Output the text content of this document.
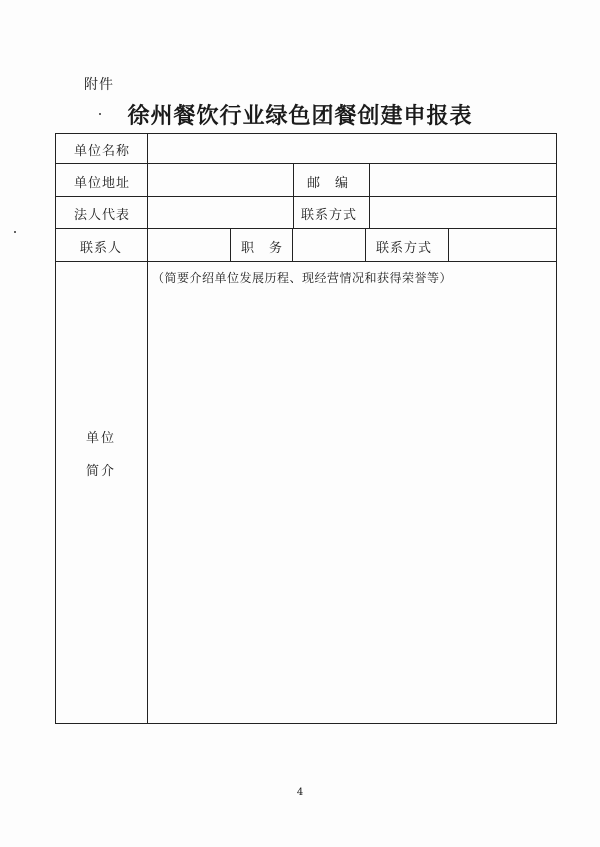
附件
徐州餐饮行业绿色团餐创建申报表
单位名称
单位地址	邮　编
法人代表	联系方式
联系人	职　务	联系方式
单位
简介
（简要介绍单位发展历程、现经营情况和获得荣誉等）
4
